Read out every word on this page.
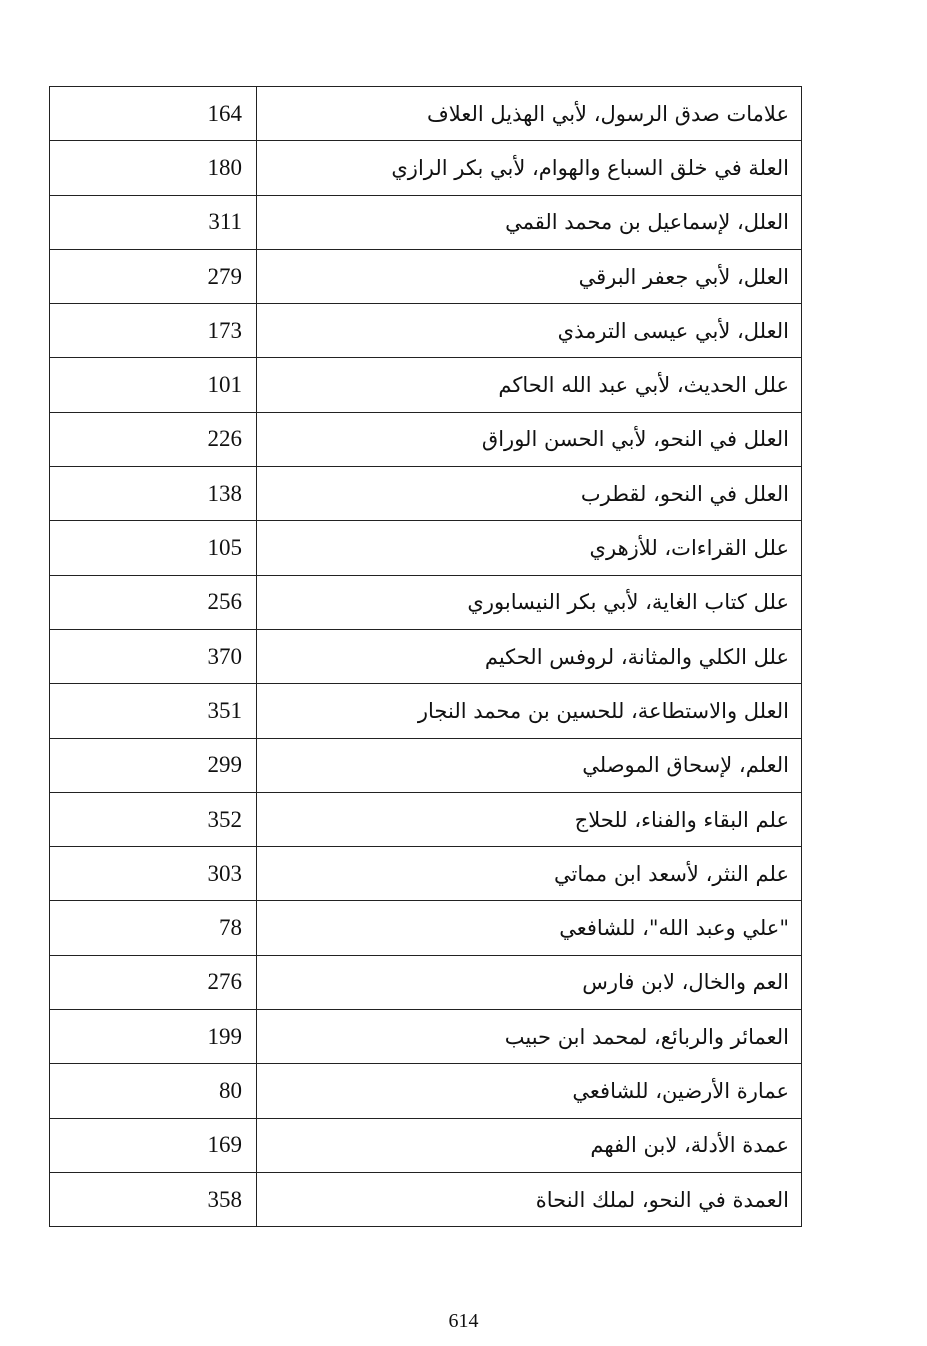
164	علامات صدق الرسول، لأبي الهذيل العلاف
180	العلة في خلق السباع والهوام، لأبي بكر الرازي
311	العلل، لإسماعيل بن محمد القمي
279	العلل، لأبي جعفر البرقي
173	العلل، لأبي عيسى الترمذي
101	علل الحديث، لأبي عبد الله الحاكم
226	العلل في النحو، لأبي الحسن الوراق
138	العلل في النحو، لقطرب
105	علل القراءات، للأزهري
256	علل كتاب الغاية، لأبي بكر النيسابوري
370	علل الكلي والمثانة، لروفس الحكيم
351	العلل والاستطاعة، للحسين بن محمد النجار
299	العلم، لإسحاق الموصلي
352	علم البقاء والفناء، للحلاج
303	علم النثر، لأسعد ابن مماتي
78	"علي وعبد الله"، للشافعي
276	العم والخال، لابن فارس
199	العمائر والربائع، لمحمد ابن حبيب
80	عمارة الأرضين، للشافعي
169	عمدة الأدلة، لابن الفهم
358	العمدة في النحو، لملك النحاة
614
